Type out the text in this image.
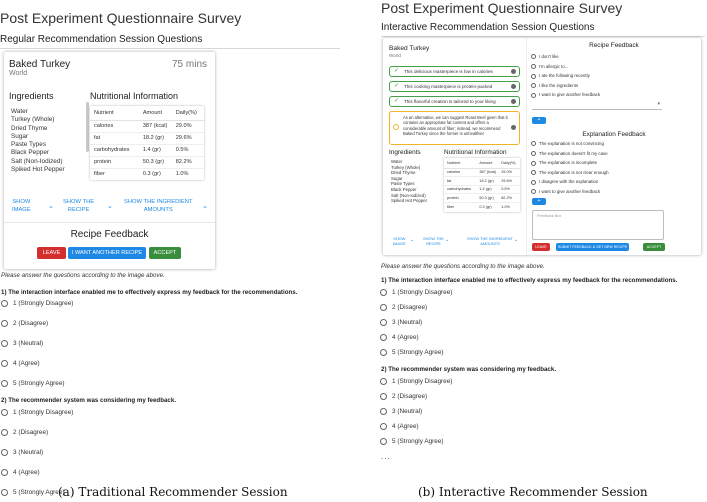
Post Experiment Questionnaire Survey
Regular Recommendation Session Questions
Baked Turkey
World
75 mins
Ingredients
Water
Turkey (Whole)
Dried Thyme
Sugar
Paste Types
Black Pepper
Salt (Non-Iodized)
Spiked Hot Pepper
Nutritional Information
Nutrient	Amount	Daily(%)
calories	387 (kcal)	29.0%
fat	18.2 (gr)	29.6%
carbohydrates	1.4 (gr)	0.5%
protein	50.3 (gr)	82.2%
fiber	0.3 (gr)	1.0%
SHOW
IMAGE ⌄
SHOW THE
RECIPE	⌄
SHOW THE INGREDIENT
AMOUNTS	⌄
Recipe Feedback
LEAVE	I WANT ANOTHER RECIPE	ACCEPT
Please answer the questions according to the image above.
1) The interaction interface enabled me to effectively express my feedback for the recommendations.
1 (Strongly Disagree)
2 (Disagree)
3 (Neutral)
4 (Agree)
5 (Strongly Agree)
2) The recommender system was considering my feedback.
1 (Strongly Disagree)
2 (Disagree)
3 (Neutral)
4 (Agree)
5 (Strongly Agree)
Post Experiment Questionnaire Survey
Interactive Recommendation Session Questions
Baked Turkey
World
✓ This delicious masterpiece is low in calories
✓ This cooking masterpiece is protein-packed
✓ This flavorful creation is tailored to your liking
As an alternative, we can suggest Roast Beef given that it contains an appropriate fat content and offers a considerable amount of fiber; instead, we recommend Baked Turkey since the former is unhealthier
Ingredients
Water
Turkey (Whole)
Dried Thyme
Sugar
Paste Types
Black Pepper
Salt (Non-Iodized)
Spiked Hot Pepper
Nutritional Information
Nutrient	Amount	Daily(%)
calories	387 (kcal)	29.0%
fat	18.2 (gr)	29.6%
carbohydrates	1.4 (gr)	0.5%
protein	50.3 (gr)	82.2%
fiber	0.3 (gr)	1.0%
SHOW
IMAGE
⌄ SHOW THE
RECIPE
⌄	SHOW THE INGREDIENT
AMOUNTS
⌄
Recipe Feedback
I don't like
I'm allergic to...
I ate the following recently
I like the ingredients
I want to give another feedback
▾
+
Explanation Feedback
The explanation is not convincing
The explanation doesn't fit my case
The explanation is incomplete
The explanation is not clear enough
I disagree with the explanation
I want to give another feedback
+
Feedback Box
LEAVE	SUBMIT FEEDBACK & GET NEW RECIPE	ACCEPT
Please answer the questions according to the image above.
1) The interaction interface enabled me to effectively express my feedback for the recommendations.
1 (Strongly Disagree)
2 (Disagree)
3 (Neutral)
4 (Agree)
5 (Strongly Agree)
2) The recommender system was considering my feedback.
1 (Strongly Disagree)
2 (Disagree)
3 (Neutral)
4 (Agree)
5 (Strongly Agree)
...
(a) Traditional Recommender Session	(b) Interactive Recommender Session
